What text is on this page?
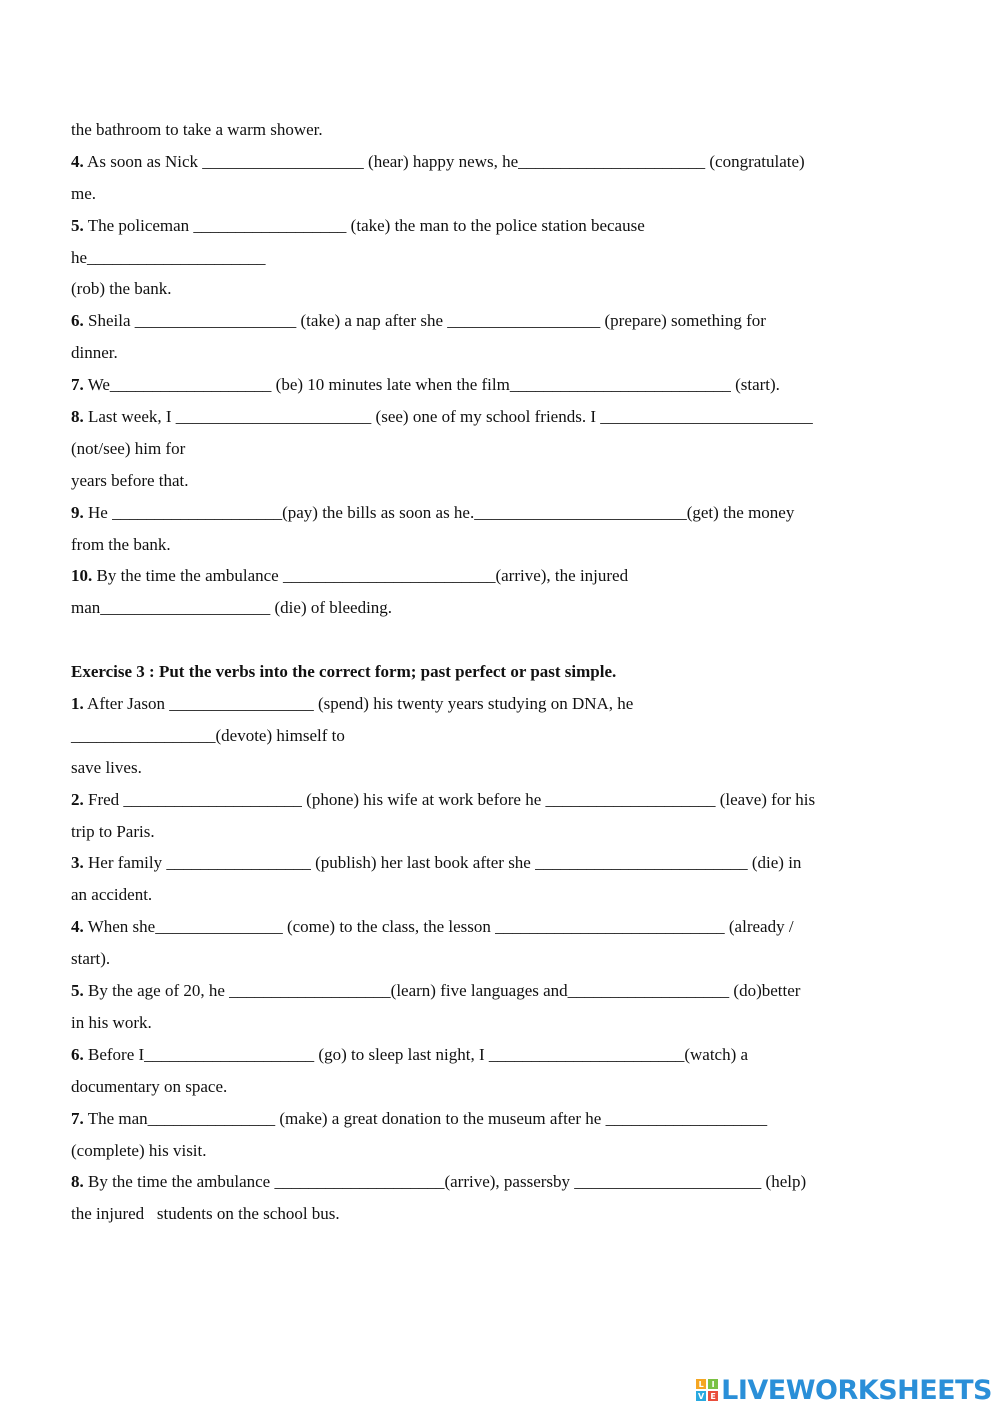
the bathroom to take a warm shower.
4. As soon as Nick ___________________ (hear) happy news, he______________________ (congratulate)
me.
5. The policeman __________________ (take) the man to the police station because
he_____________________
(rob) the bank.
6. Sheila ___________________ (take) a nap after she __________________ (prepare) something for
dinner.
7. We___________________ (be) 10 minutes late when the film__________________________ (start).
8. Last week, I _______________________ (see) one of my school friends. I _________________________
(not/see) him for
years before that.
9. He ____________________(pay) the bills as soon as he._________________________(get) the money
from the bank.
10. By the time the ambulance _________________________(arrive), the injured
man____________________ (die) of bleeding.
Exercise 3 : Put the verbs into the correct form; past perfect or past simple.
1. After Jason _________________ (spend) his twenty years studying on DNA, he
_________________(devote) himself to
save lives.
2. Fred _____________________ (phone) his wife at work before he ____________________ (leave) for his
trip to Paris.
3. Her family _________________ (publish) her last book after she _________________________ (die) in
an accident.
4. When she_______________ (come) to the class, the lesson ___________________________ (already /
start).
5. By the age of 20, he ___________________(learn) five languages and___________________ (do)better
in his work.
6. Before I____________________ (go) to sleep last night, I _______________________(watch) a
documentary on space.
7. The man_______________ (make) a great donation to the museum after he ___________________
(complete) his visit.
8. By the time the ambulance ____________________(arrive), passersby ______________________ (help)
the injured   students on the school bus.
L I
V E LIVEWORKSHEETS
